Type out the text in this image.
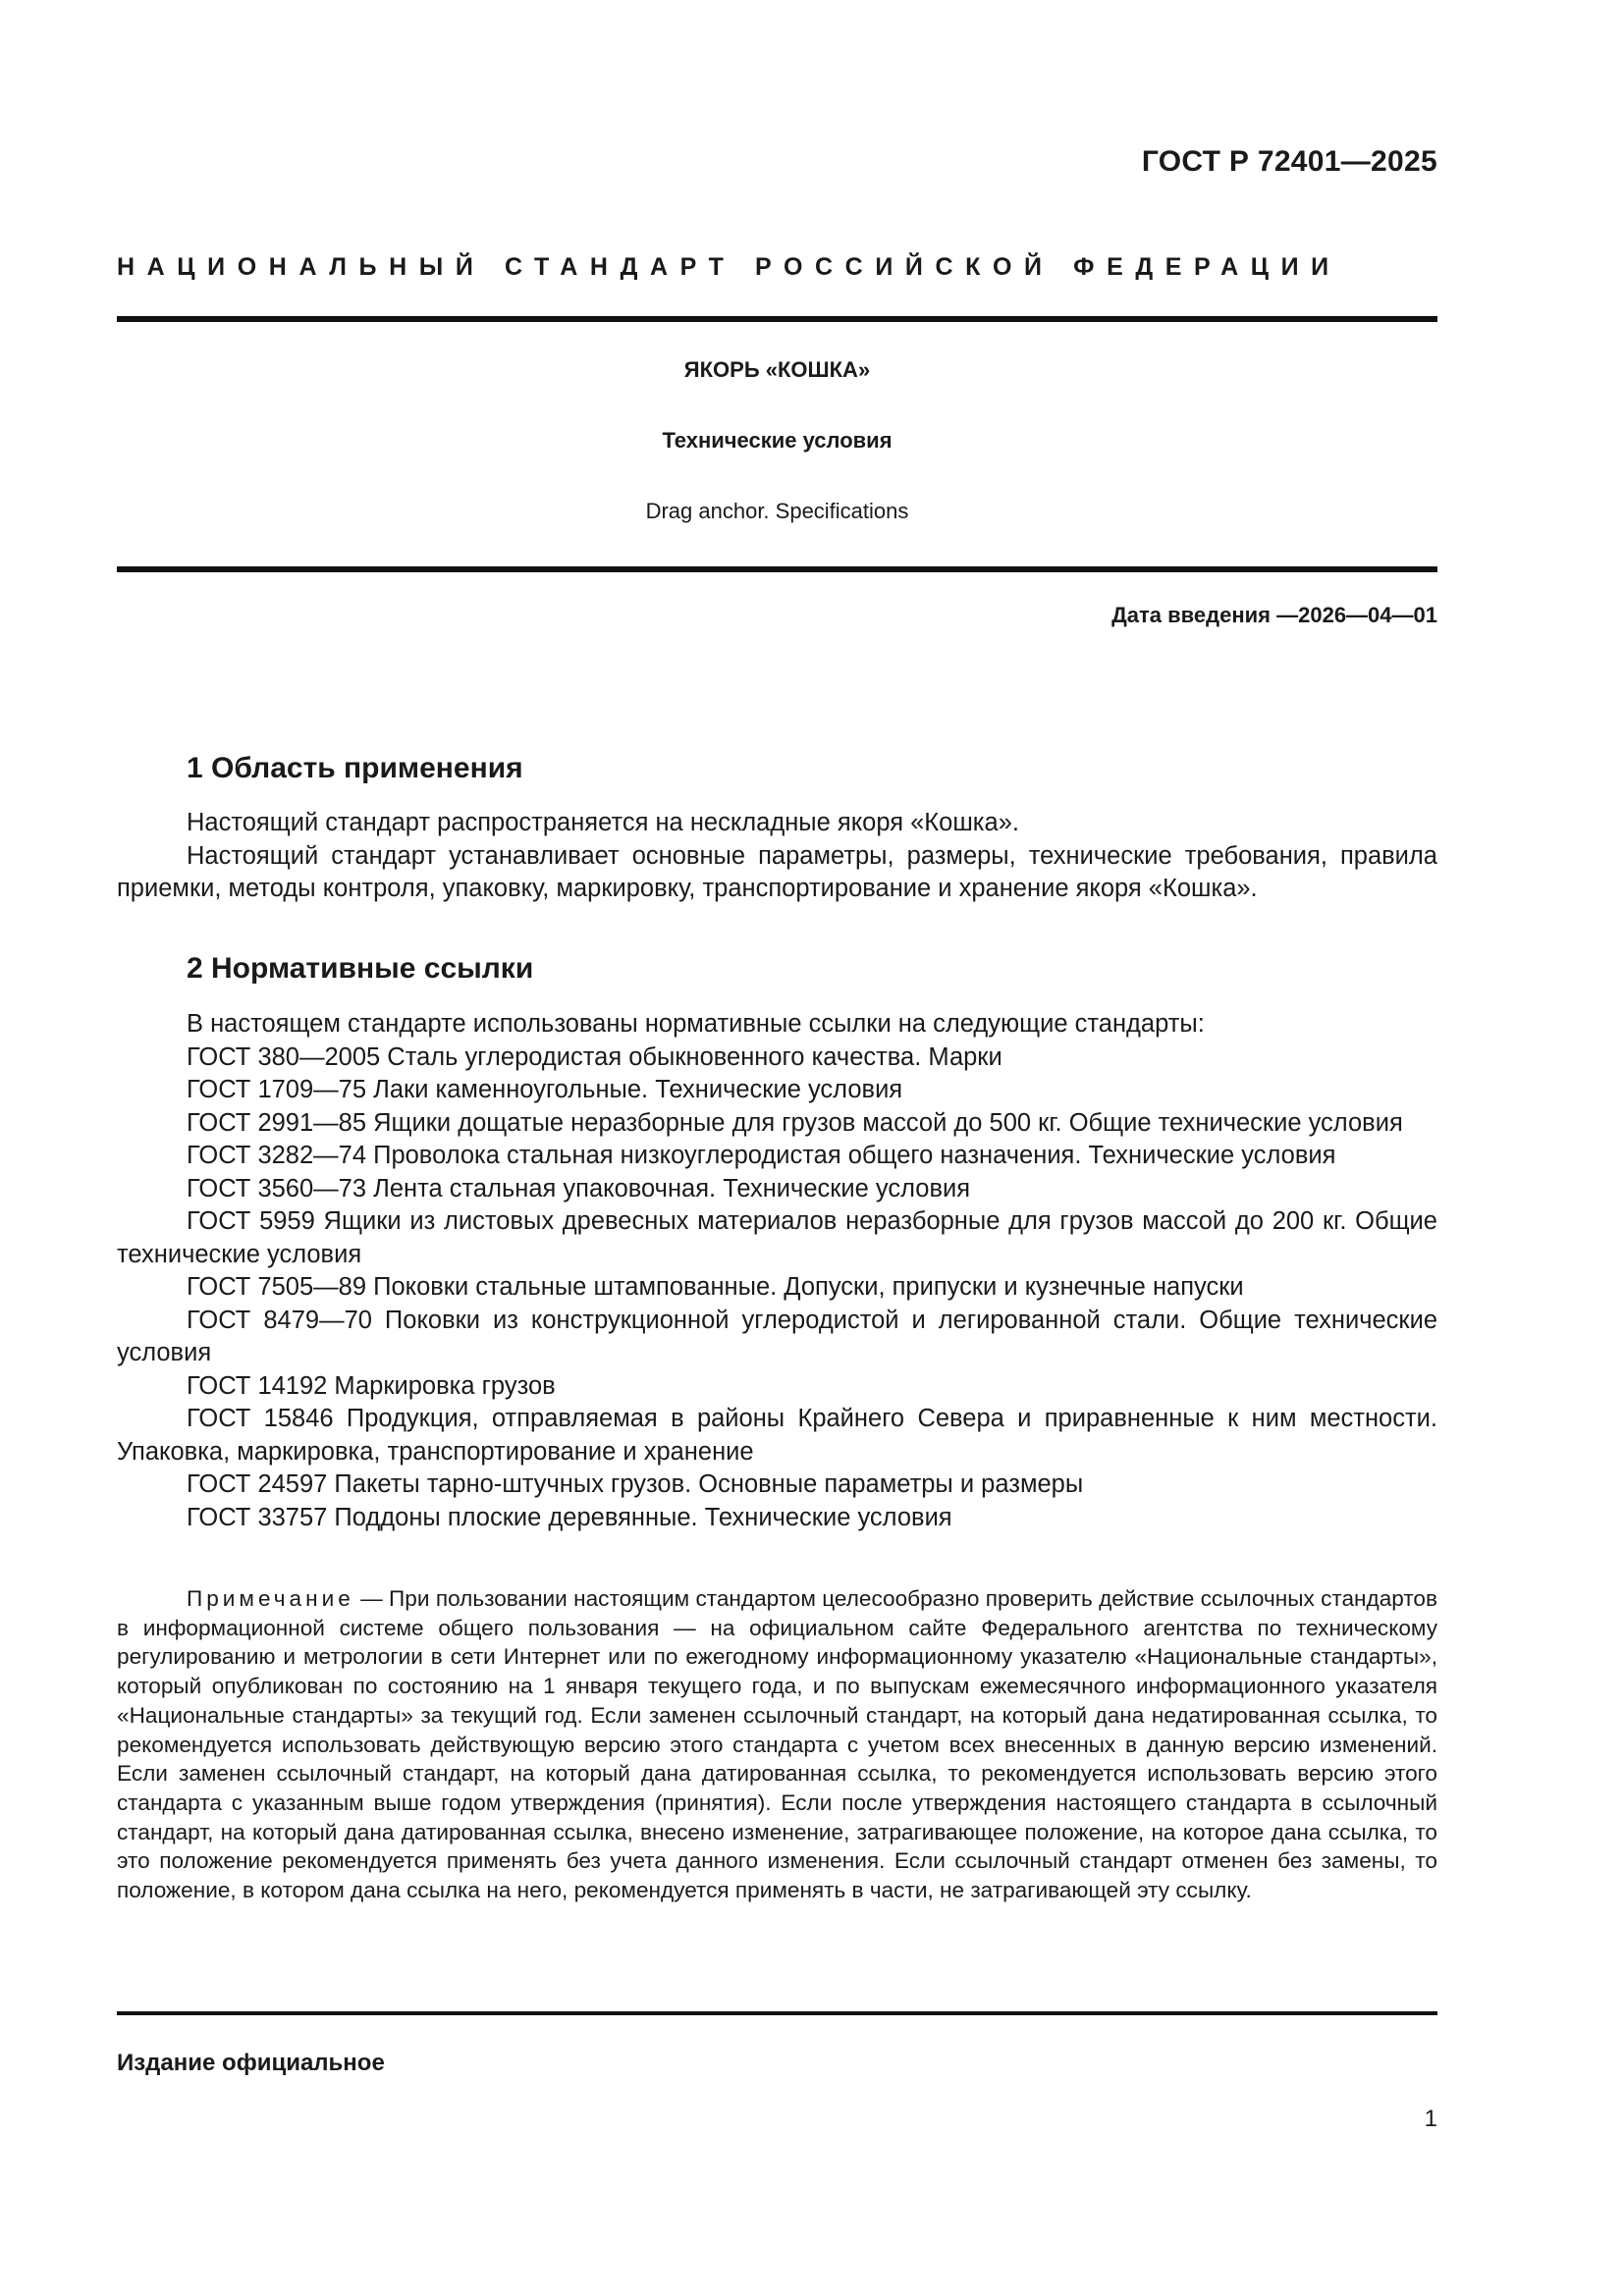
ГОСТ Р 72401—2025
НАЦИОНАЛЬНЫЙ СТАНДАРТ РОССИЙСКОЙ ФЕДЕРАЦИИ
ЯКОРЬ «КОШКА»
Технические условия
Drag anchor. Specifications
Дата введения —2026—04—01
1 Область применения

Настоящий стандарт распространяется на нескладные якоря «Кошка».

Настоящий стандарт устанавливает основные параметры, размеры, технические требования, правила приемки, методы контроля, упаковку, маркировку, транспортирование и хранение якоря «Кошка».

2 Нормативные ссылки

В настоящем стандарте использованы нормативные ссылки на следующие стандарты:

ГОСТ 380—2005 Сталь углеродистая обыкновенного качества. Марки

ГОСТ 1709—75 Лаки каменноугольные. Технические условия

ГОСТ 2991—85 Ящики дощатые неразборные для грузов массой до 500 кг. Общие технические условия

ГОСТ 3282—74 Проволока стальная низкоуглеродистая общего назначения. Технические условия

ГОСТ 3560—73 Лента стальная упаковочная. Технические условия

ГОСТ 5959 Ящики из листовых древесных материалов неразборные для грузов массой до 200 кг. Общие технические условия

ГОСТ 7505—89 Поковки стальные штампованные. Допуски, припуски и кузнечные напуски

ГОСТ 8479—70 Поковки из конструкционной углеродистой и легированной стали. Общие технические условия

ГОСТ 14192 Маркировка грузов

ГОСТ 15846 Продукция, отправляемая в районы Крайнего Севера и приравненные к ним местности. Упаковка, маркировка, транспортирование и хранение

ГОСТ 24597 Пакеты тарно-штучных грузов. Основные параметры и размеры

ГОСТ 33757 Поддоны плоские деревянные. Технические условия

Примечание — При пользовании настоящим стандартом целесообразно проверить действие ссылочных стандартов в информационной системе общего пользования — на официальном сайте Федерального агентства по техническому регулированию и метрологии в сети Интернет или по ежегодному информационному указателю «Национальные стандарты», который опубликован по состоянию на 1 января текущего года, и по выпускам ежемесячного информационного указателя «Национальные стандарты» за текущий год. Если заменен ссылочный стандарт, на который дана недатированная ссылка, то рекомендуется использовать действующую версию этого стандарта с учетом всех внесенных в данную версию изменений. Если заменен ссылочный стандарт, на который дана датированная ссылка, то рекомендуется использовать версию этого стандарта с указанным выше годом утверждения (принятия). Если после утверждения настоящего стандарта в ссылочный стандарт, на который дана датированная ссылка, внесено изменение, затрагивающее положение, на которое дана ссылка, то это положение рекомендуется применять без учета данного изменения. Если ссылочный стандарт отменен без замены, то положение, в котором дана ссылка на него, рекомендуется применять в части, не затрагивающей эту ссылку.
Издание официальное
1
